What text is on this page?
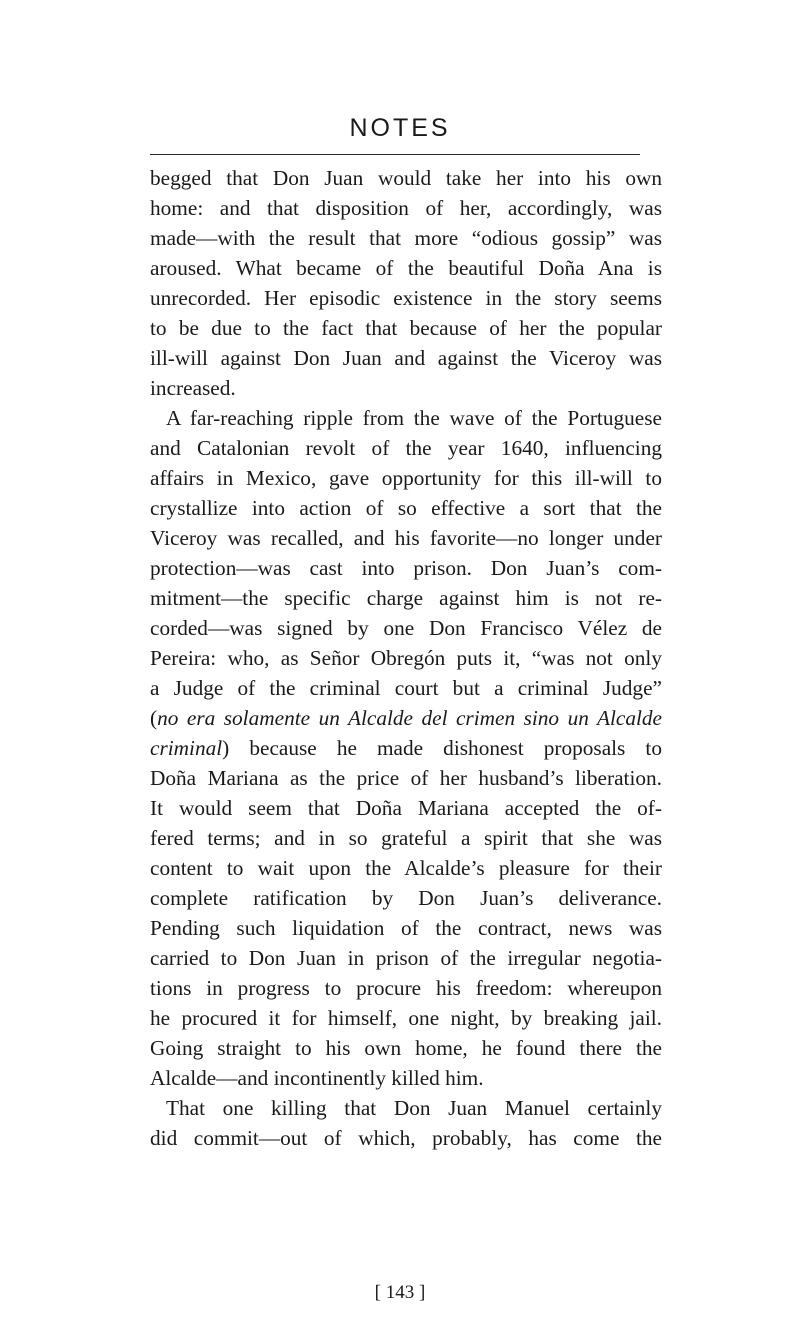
NOTES
begged that Don Juan would take her into his own
home: and that disposition of her, accordingly, was
made—with the result that more “odious gossip” was
aroused. What became of the beautiful Doña Ana is
unrecorded. Her episodic existence in the story seems
to be due to the fact that because of her the popular
ill-will against Don Juan and against the Viceroy was
increased.
A far-reaching ripple from the wave of the Portuguese
and Catalonian revolt of the year 1640, influencing
affairs in Mexico, gave opportunity for this ill-will to
crystallize into action of so effective a sort that the
Viceroy was recalled, and his favorite—no longer under
protection—was cast into prison. Don Juan’s com-
mitment—the specific charge against him is not re-
corded—was signed by one Don Francisco Vélez de
Pereira: who, as Señor Obregón puts it, “was not only
a Judge of the criminal court but a criminal Judge”
(no era solamente un Alcalde del crimen sino un Alcalde
criminal) because he made dishonest proposals to
Doña Mariana as the price of her husband’s liberation.
It would seem that Doña Mariana accepted the of-
fered terms; and in so grateful a spirit that she was
content to wait upon the Alcalde’s pleasure for their
complete ratification by Don Juan’s deliverance.
Pending such liquidation of the contract, news was
carried to Don Juan in prison of the irregular negotia-
tions in progress to procure his freedom: whereupon
he procured it for himself, one night, by breaking jail.
Going straight to his own home, he found there the
Alcalde—and incontinently killed him.
That one killing that Don Juan Manuel certainly
did commit—out of which, probably, has come the
[ 143 ]
